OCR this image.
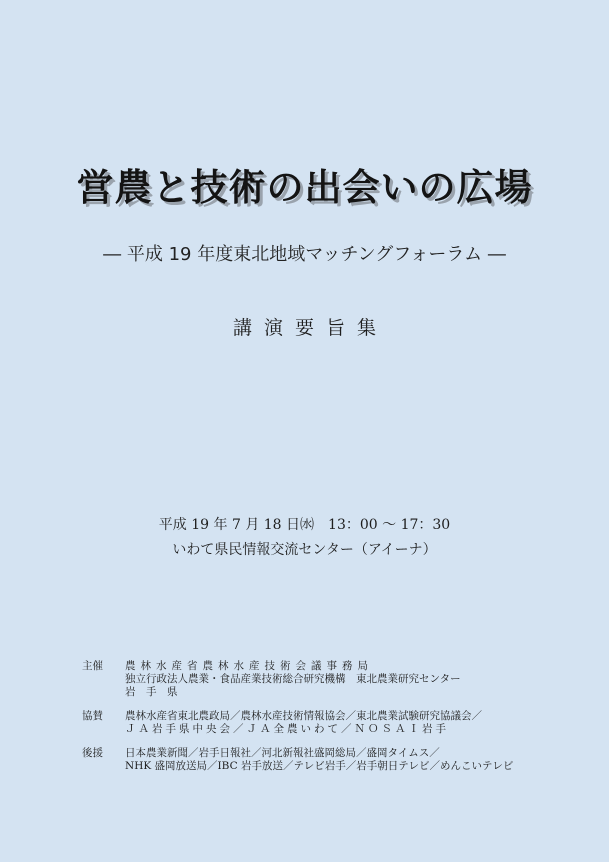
営農と技術の出会いの広場
― 平成 19 年度東北地域マッチングフォーラム ―
講演要旨集
平成 19 年 7 月 18 日㈬　13：00 ～ 17：30
いわて県民情報交流センター（アイーナ）
主催	農林水産省農林水産技術会議事務局
独立行政法人農業・食品産業技術総合研究機構　東北農業研究センター
岩　手　県
協賛	農林水産省東北農政局／農林水産技術情報協会／東北農業試験研究協議会／
ＪＡ岩手県中央会／ＪＡ全農いわて／ＮＯＳＡＩ岩手
後援	日本農業新聞／岩手日報社／河北新報社盛岡総局／盛岡タイムス／
NHK 盛岡放送局／IBC 岩手放送／テレビ岩手／岩手朝日テレビ／めんこいテレビ
